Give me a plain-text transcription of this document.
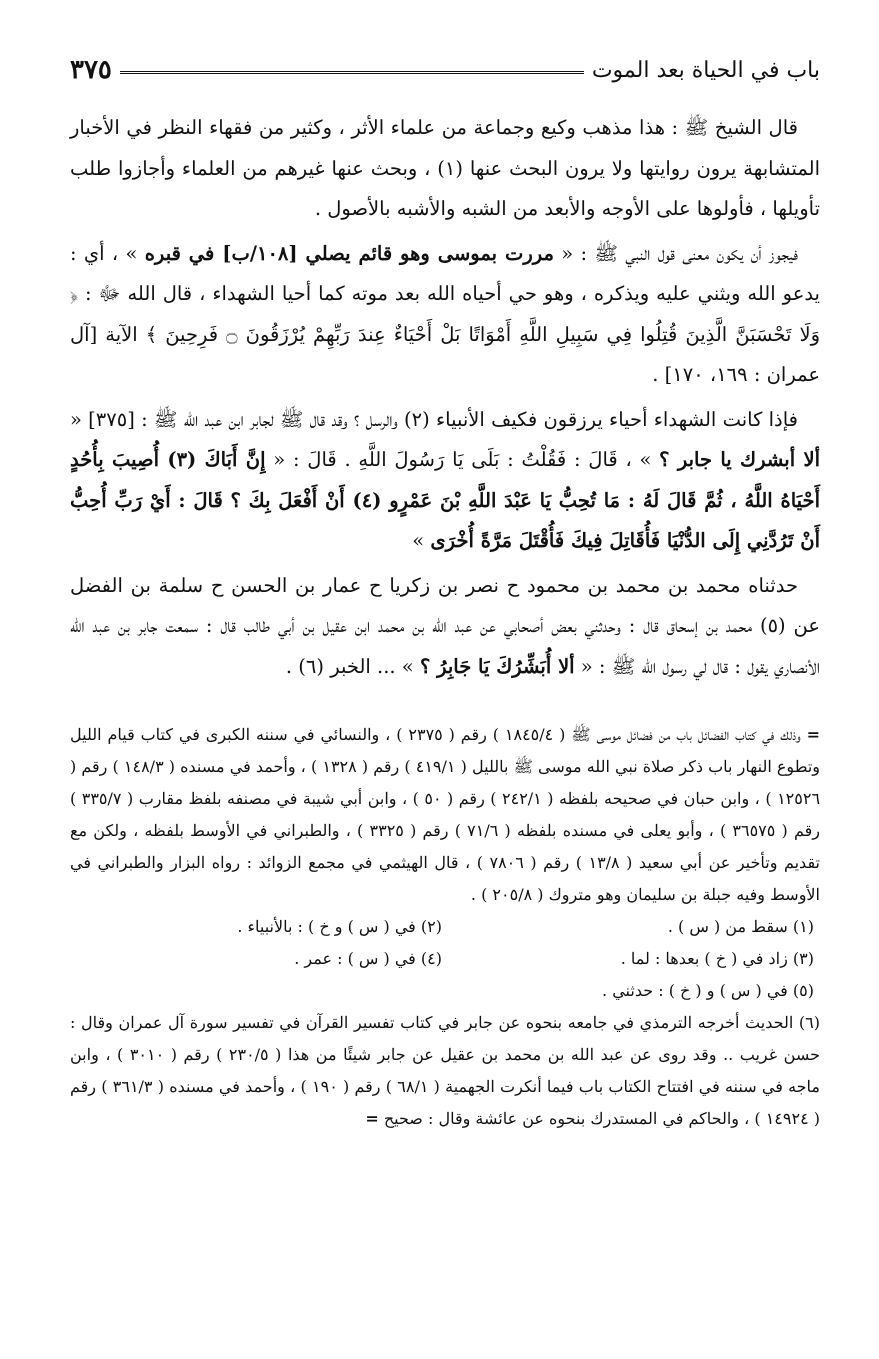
باب في الحياة بعد الموت
٣٧٥

قال الشيخ ﷺ : هذا مذهب وكيع وجماعة من علماء الأثر ، وكثير من فقهاء النظر في الأخبار المتشابهة يرون روايتها ولا يرون البحث عنها (١) ، وبحث عنها غيرهم من العلماء وأجازوا طلب تأويلها ، فأولوها على الأوجه والأبعد من الشبه والأشبه بالأصول .

فيجوز أن يكون معنى قول النبي ﷺ : « مررت بموسى وهو قائم يصلي [١٠٨/ب] في قبره » ، أي : يدعو الله ويثني عليه ويذكره ، وهو حي أحياه الله بعد موته كما أحيا الشهداء ، قال الله ﷻ : ﴿ وَلَا تَحْسَبَنَّ الَّذِينَ قُتِلُوا فِي سَبِيلِ اللَّهِ أَمْوَاتًا بَلْ أَحْيَاءٌ عِندَ رَبِّهِمْ يُرْزَقُونَ ۝ فَرِحِينَ ﴾ الآية [آل عمران : ١٦٩، ١٧٠] .

فإذا كانت الشهداء أحياء يرزقون فكيف الأنبياء (٢) والرسل ؟ وقد قال ﷺ لجابر ابن عبد الله ﷺ : [٣٧٥] « ألا أبشرك يا جابر ؟ » ، قَالَ : فَقُلْتُ : بَلَى يَا رَسُولَ اللَّهِ . قَالَ : « إِنَّ أَبَاكَ (٣) أُصِيبَ بِأُحُدٍ أَحْيَاهُ اللَّهُ ، ثُمَّ قَالَ لَهُ : مَا تُحِبُّ يَا عَبْدَ اللَّهِ بْنَ عَمْرٍو (٤) أَنْ أَفْعَلَ بِكَ ؟ قَالَ : أَيْ رَبِّ أُحِبُّ أَنْ تَرُدَّنِي إِلَى الدُّنْيَا فَأُقَاتِلَ فِيكَ فَأُقْتَلَ مَرَّةً أُخْرَى »

حدثناه محمد بن محمد بن محمود ح نصر بن زكريا ح عمار بن الحسن ح سلمة بن الفضل عن (٥) محمد بن إسحاق قال : وحدثني بعض أصحابي عن عبد الله بن محمد ابن عقيل بن أبي طالب قال : سمعت جابر بن عبد الله الأنصاري يقول : قال لي رسول الله ﷺ : « ألا أُبَشِّرُكَ يَا جَابِرُ ؟ » ... الخبر (٦) .

= وذلك في كتاب الفضائل باب من فضائل موسى ﷺ ( ١٨٤٥/٤ ) رقم ( ٢٣٧٥ ) ، والنسائي في سننه الكبرى في كتاب قيام الليل وتطوع النهار باب ذكر صلاة نبي الله موسى ﷺ بالليل ( ٤١٩/١ ) رقم ( ١٣٢٨ ) ، وأحمد في مسنده ( ١٤٨/٣ ) رقم ( ١٢٥٢٦ ) ، وابن حبان في صحيحه بلفظه ( ٢٤٢/١ ) رقم ( ٥٠ ) ، وابن أبي شيبة في مصنفه بلفظ مقارب ( ٣٣٥/٧ ) رقم ( ٣٦٥٧٥ ) ، وأبو يعلى في مسنده بلفظه ( ٧١/٦ ) رقم ( ٣٣٢٥ ) ، والطبراني في الأوسط بلفظه ، ولكن مع تقديم وتأخير عن أبي سعيد ( ١٣/٨ ) رقم ( ٧٨٠٦ ) ، قال الهيثمي في مجمع الزوائد : رواه البزار والطبراني في الأوسط وفيه جبلة بن سليمان وهو متروك ( ٢٠٥/٨ ) .

(١) سقط من ( س ) .
(٢) في ( س ) و خ ) : بالأنبياء .
(٣) زاد في ( خ ) بعدها : لما .
(٤) في ( س ) : عمر .
(٥) في ( س ) و ( خ ) : حدثني .

(٦) الحديث أخرجه الترمذي في جامعه بنحوه عن جابر في كتاب تفسير القرآن في تفسير سورة آل عمران وقال : حسن غريب .. وقد روى عن عبد الله بن محمد بن عقيل عن جابر شيئًا من هذا ( ٢٣٠/٥ ) رقم ( ٣٠١٠ ) ، وابن ماجه في سننه في افتتاح الكتاب باب فيما أنكرت الجهمية ( ٦٨/١ ) رقم ( ١٩٠ ) ، وأحمد في مسنده ( ٣٦١/٣ ) رقم ( ١٤٩٢٤ ) ، والحاكم في المستدرك بنحوه عن عائشة وقال : صحيح =
